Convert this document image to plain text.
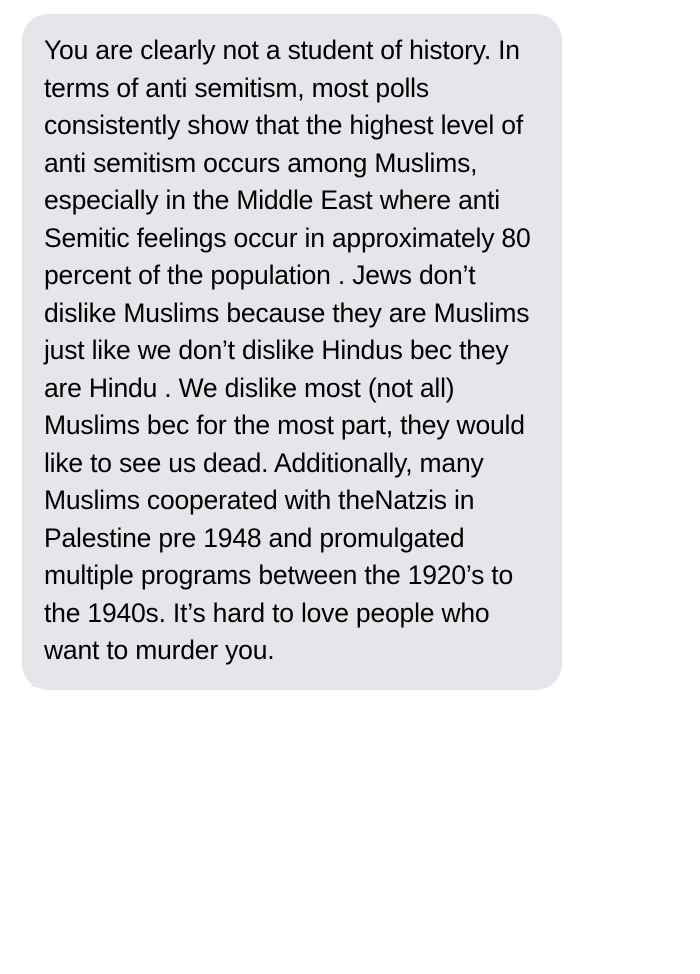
You are clearly not a student of history. In terms of anti semitism, most polls consistently show that the highest level of anti semitism occurs among Muslims, especially in the Middle East where anti Semitic feelings occur in approximately 80 percent of the population . Jews don’t dislike Muslims because they are Muslims just like we don’t dislike Hindus bec they are Hindu . We dislike most (not all) Muslims bec for the most part, they would like to see us dead. Additionally, many Muslims cooperated with theNatzis in Palestine pre 1948 and promulgated multiple programs between the 1920’s to the 1940s. It’s hard to love people who want to murder you.
